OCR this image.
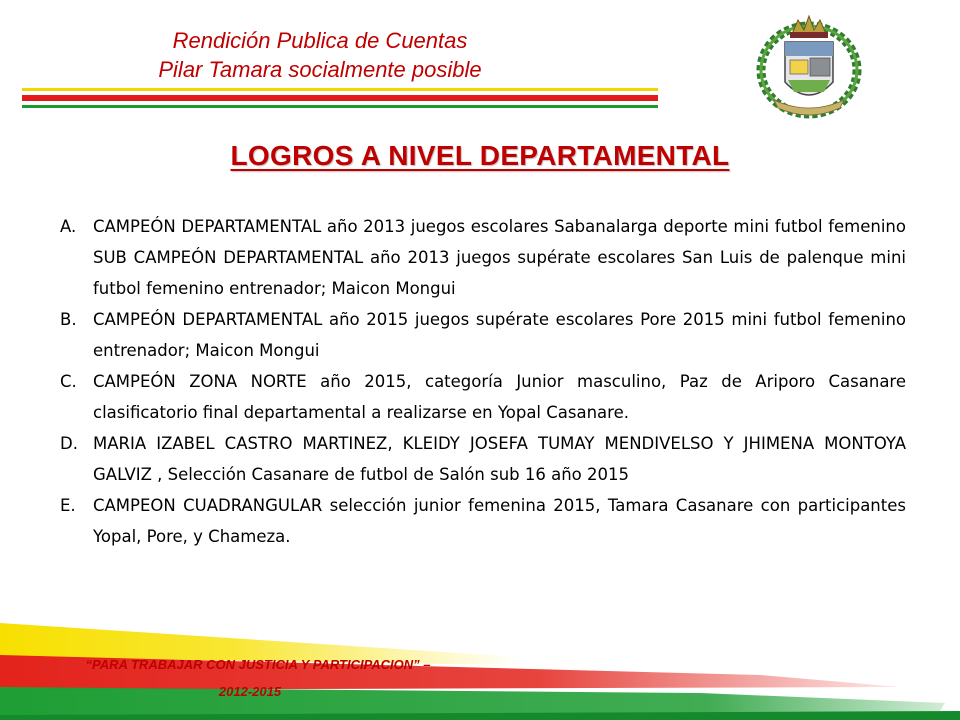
Rendición Publica de Cuentas
Pilar Tamara socialmente posible
LOGROS A NIVEL DEPARTAMENTAL
A. CAMPEÓN DEPARTAMENTAL año 2013 juegos escolares Sabanalarga deporte mini futbol femenino SUB CAMPEÓN DEPARTAMENTAL año 2013 juegos supérate escolares San Luis de palenque mini futbol femenino entrenador; Maicon Mongui
B. CAMPEÓN DEPARTAMENTAL año 2015 juegos supérate escolares Pore 2015 mini futbol femenino entrenador; Maicon Mongui
C. CAMPEÓN ZONA NORTE año 2015, categoría Junior masculino, Paz de Ariporo Casanare clasificatorio final departamental a realizarse en Yopal Casanare.
D. MARIA IZABEL CASTRO MARTINEZ, KLEIDY JOSEFA TUMAY MENDIVELSO Y JHIMENA MONTOYA GALVIZ , Selección Casanare de futbol de Salón sub 16 año 2015
E. CAMPEON CUADRANGULAR selección junior femenina 2015, Tamara Casanare con participantes Yopal, Pore, y Chameza.
“PARA TRABAJAR CON JUSTICIA Y PARTICIPACION” –
2012-2015
